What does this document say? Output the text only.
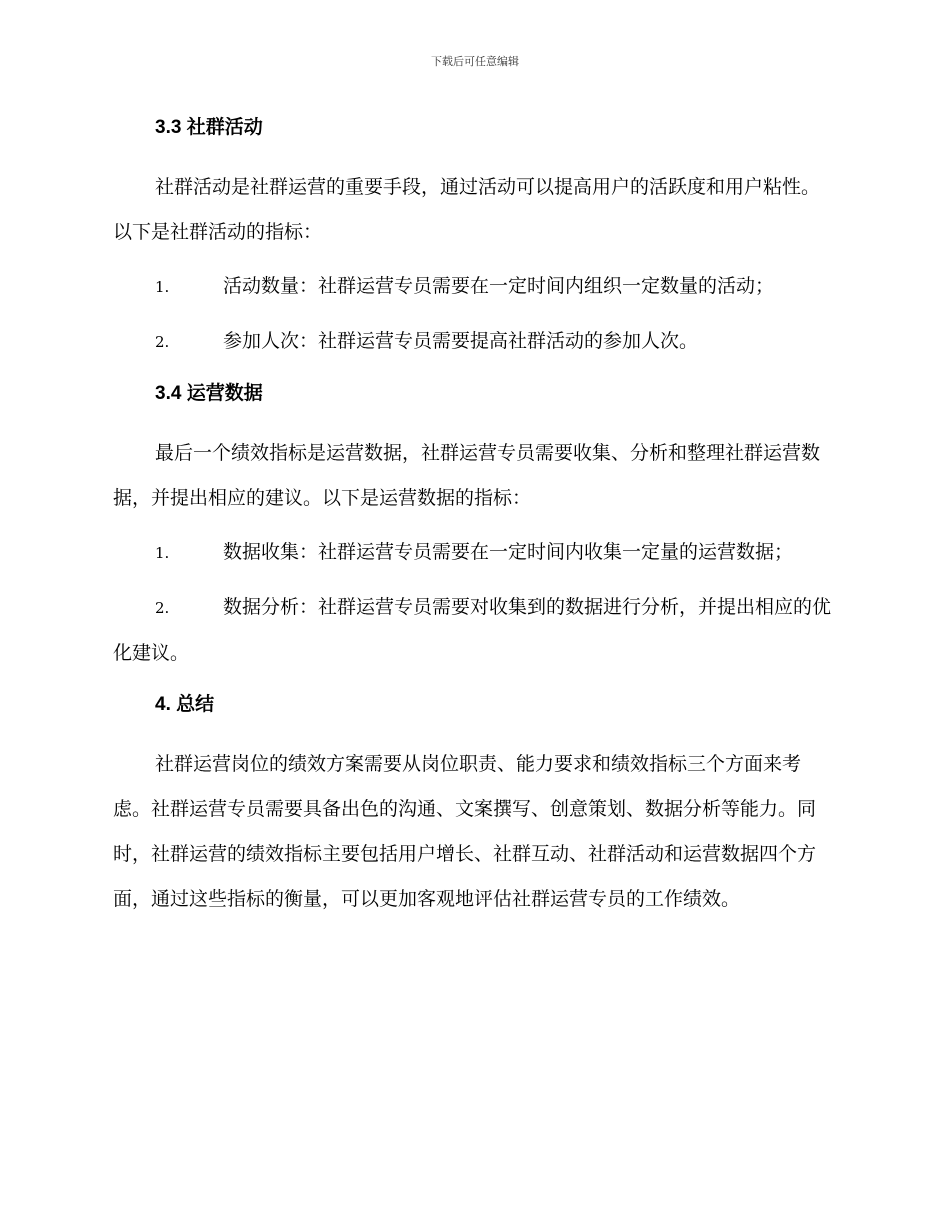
下载后可任意编辑
3.3 社群活动

社群活动是社群运营的重要手段，通过活动可以提高用户的活跃度和用户粘性。以下是社群活动的指标：

1.	活动数量：社群运营专员需要在一定时间内组织一定数量的活动；

2.	参加人次：社群运营专员需要提高社群活动的参加人次。

3.4 运营数据

最后一个绩效指标是运营数据，社群运营专员需要收集、分析和整理社群运营数据，并提出相应的建议。以下是运营数据的指标：

1.	数据收集：社群运营专员需要在一定时间内收集一定量的运营数据；

2.	数据分析：社群运营专员需要对收集到的数据进行分析，并提出相应的优化建议。

4. 总结

社群运营岗位的绩效方案需要从岗位职责、能力要求和绩效指标三个方面来考虑。社群运营专员需要具备出色的沟通、文案撰写、创意策划、数据分析等能力。同时，社群运营的绩效指标主要包括用户增长、社群互动、社群活动和运营数据四个方面，通过这些指标的衡量，可以更加客观地评估社群运营专员的工作绩效。
